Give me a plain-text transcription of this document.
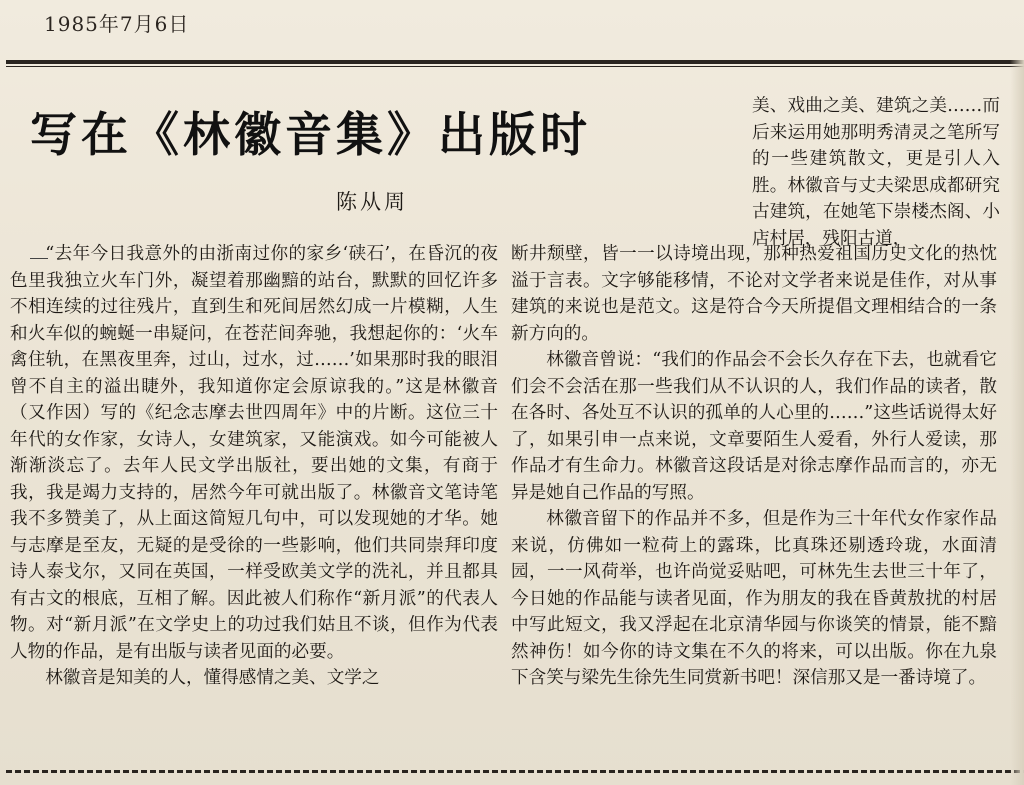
1985年7月6日
写在《林徽音集》出版时
陈从周

美、戏曲之美、建筑之美……而后来运用她那明秀清灵之笔所写的一些建筑散文，更是引人入胜。林徽音与丈夫梁思成都研究古建筑，在她笔下崇楼杰阁、小店村居，残阳古道，

“去年今日我意外的由浙南过你的家乡‘硖石’，在昏沉的夜色里我独立火车门外，凝望着那幽黯的站台，默默的回忆许多不相连续的过往残片，直到生和死间居然幻成一片模糊，人生和火车似的蜿蜒一串疑问，在苍茫间奔驰，我想起你的：‘火车禽住轨，在黑夜里奔，过山，过水，过……’如果那时我的眼泪曾不自主的溢出睫外，我知道你定会原谅我的。”这是林徽音（又作因）写的《纪念志摩去世四周年》中的片断。这位三十年代的女作家，女诗人，女建筑家，又能演戏。如今可能被人渐渐淡忘了。去年人民文学出版社，要出她的文集，有商于我，我是竭力支持的，居然今年可就出版了。林徽音文笔诗笔我不多赞美了，从上面这简短几句中，可以发现她的才华。她与志摩是至友，无疑的是受徐的一些影响，他们共同崇拜印度诗人泰戈尔，又同在英国，一样受欧美文学的洗礼，并且都具有古文的根底，互相了解。因此被人们称作“新月派”的代表人物。对“新月派”在文学史上的功过我们姑且不谈，但作为代表人物的作品，是有出版与读者见面的必要。

林徽音是知美的人，懂得感情之美、文学之

断井颓壁，皆一一以诗境出现，那种热爱祖国历史文化的热忱溢于言表。文字够能移情，不论对文学者来说是佳作，对从事建筑的来说也是范文。这是符合今天所提倡文理相结合的一条新方向的。

林徽音曾说：“我们的作品会不会长久存在下去，也就看它们会不会活在那一些我们从不认识的人，我们作品的读者，散在各时、各处互不认识的孤单的人心里的……”这些话说得太好了，如果引申一点来说，文章要陌生人爱看，外行人爱读，那作品才有生命力。林徽音这段话是对徐志摩作品而言的，亦无异是她自己作品的写照。

林徽音留下的作品并不多，但是作为三十年代女作家作品来说，仿佛如一粒荷上的露珠，比真珠还剔透玲珑，水面清园，一一风荷举，也许尚觉妥贴吧，可林先生去世三十年了，今日她的作品能与读者见面，作为朋友的我在昏黄敖扰的村居中写此短文，我又浮起在北京清华园与你谈笑的情景，能不黯然神伤！如今你的诗文集在不久的将来，可以出版。你在九泉下含笑与梁先生徐先生同赏新书吧！深信那又是一番诗境了。
